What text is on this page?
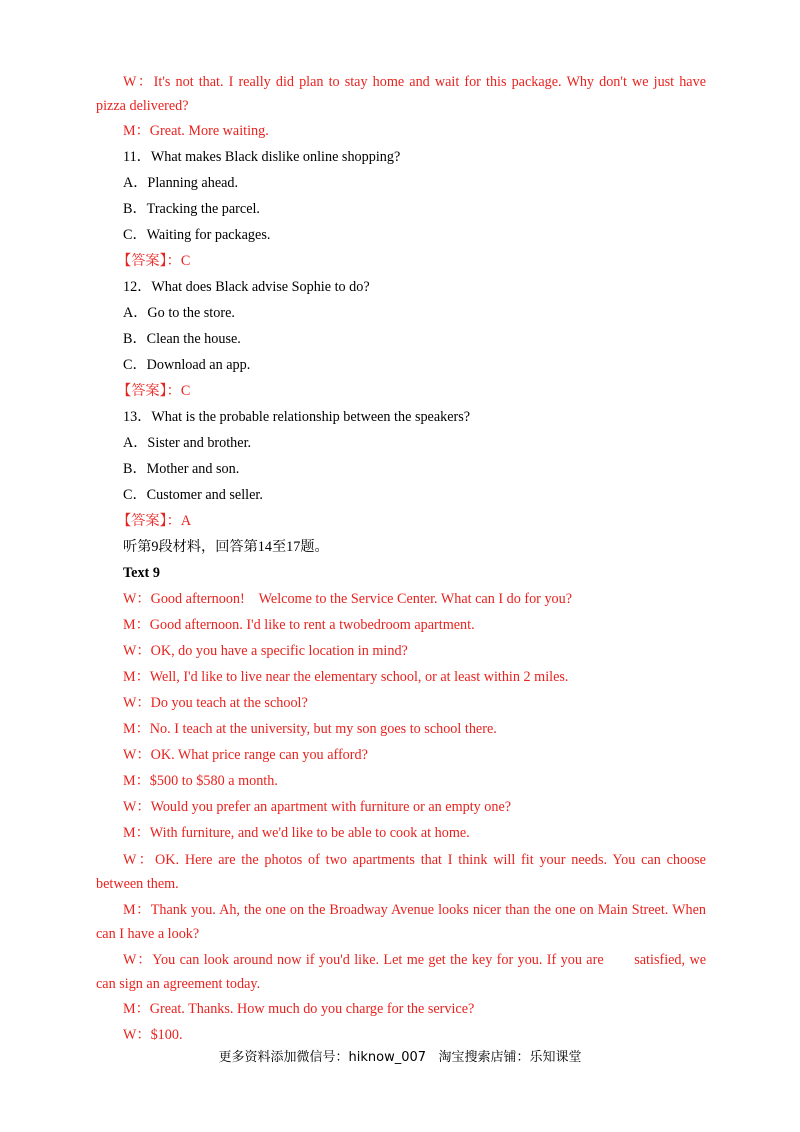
W：It's not that. I really did plan to stay home and wait for this package. Why don't we just have pizza delivered?
M：Great. More waiting.
11．What makes Black dislike online shopping?
A．Planning ahead.
B．Tracking the parcel.
C．Waiting for packages.
【答案】：C
12．What does Black advise Sophie to do?
A．Go to the store.
B．Clean the house.
C．Download an app.
【答案】：C
13．What is the probable relationship between the speakers?
A．Sister and brother.
B．Mother and son.
C．Customer and seller.
【答案】：A
听第9段材料，回答第14至17题。
Text 9
W：Good afternoon!    Welcome to the Service Center. What can I do for you?
M：Good afternoon. I'd like to rent a twobedroom apartment.
W：OK, do you have a specific location in mind?
M：Well, I'd like to live near the elementary school, or at least within 2 miles.
W：Do you teach at the school?
M：No. I teach at the university, but my son goes to school there.
W：OK. What price range can you afford?
M：$500 to $580 a month.
W：Would you prefer an apartment with furniture or an empty one?
M：With furniture, and we'd like to be able to cook at home.
W：OK. Here are the photos of two apartments that I think will fit your needs. You can choose between them.
M：Thank you. Ah, the one on the Broadway Avenue looks nicer than the one on Main Street. When can I have a look?
W：You can look around now if you'd like. Let me get the key for you. If you are       satisfied, we can sign an agreement today.
M：Great. Thanks. How much do you charge for the service?
W：$100.
更多资料添加微信号：hiknow_007   淘宝搜索店铺：乐知课堂
